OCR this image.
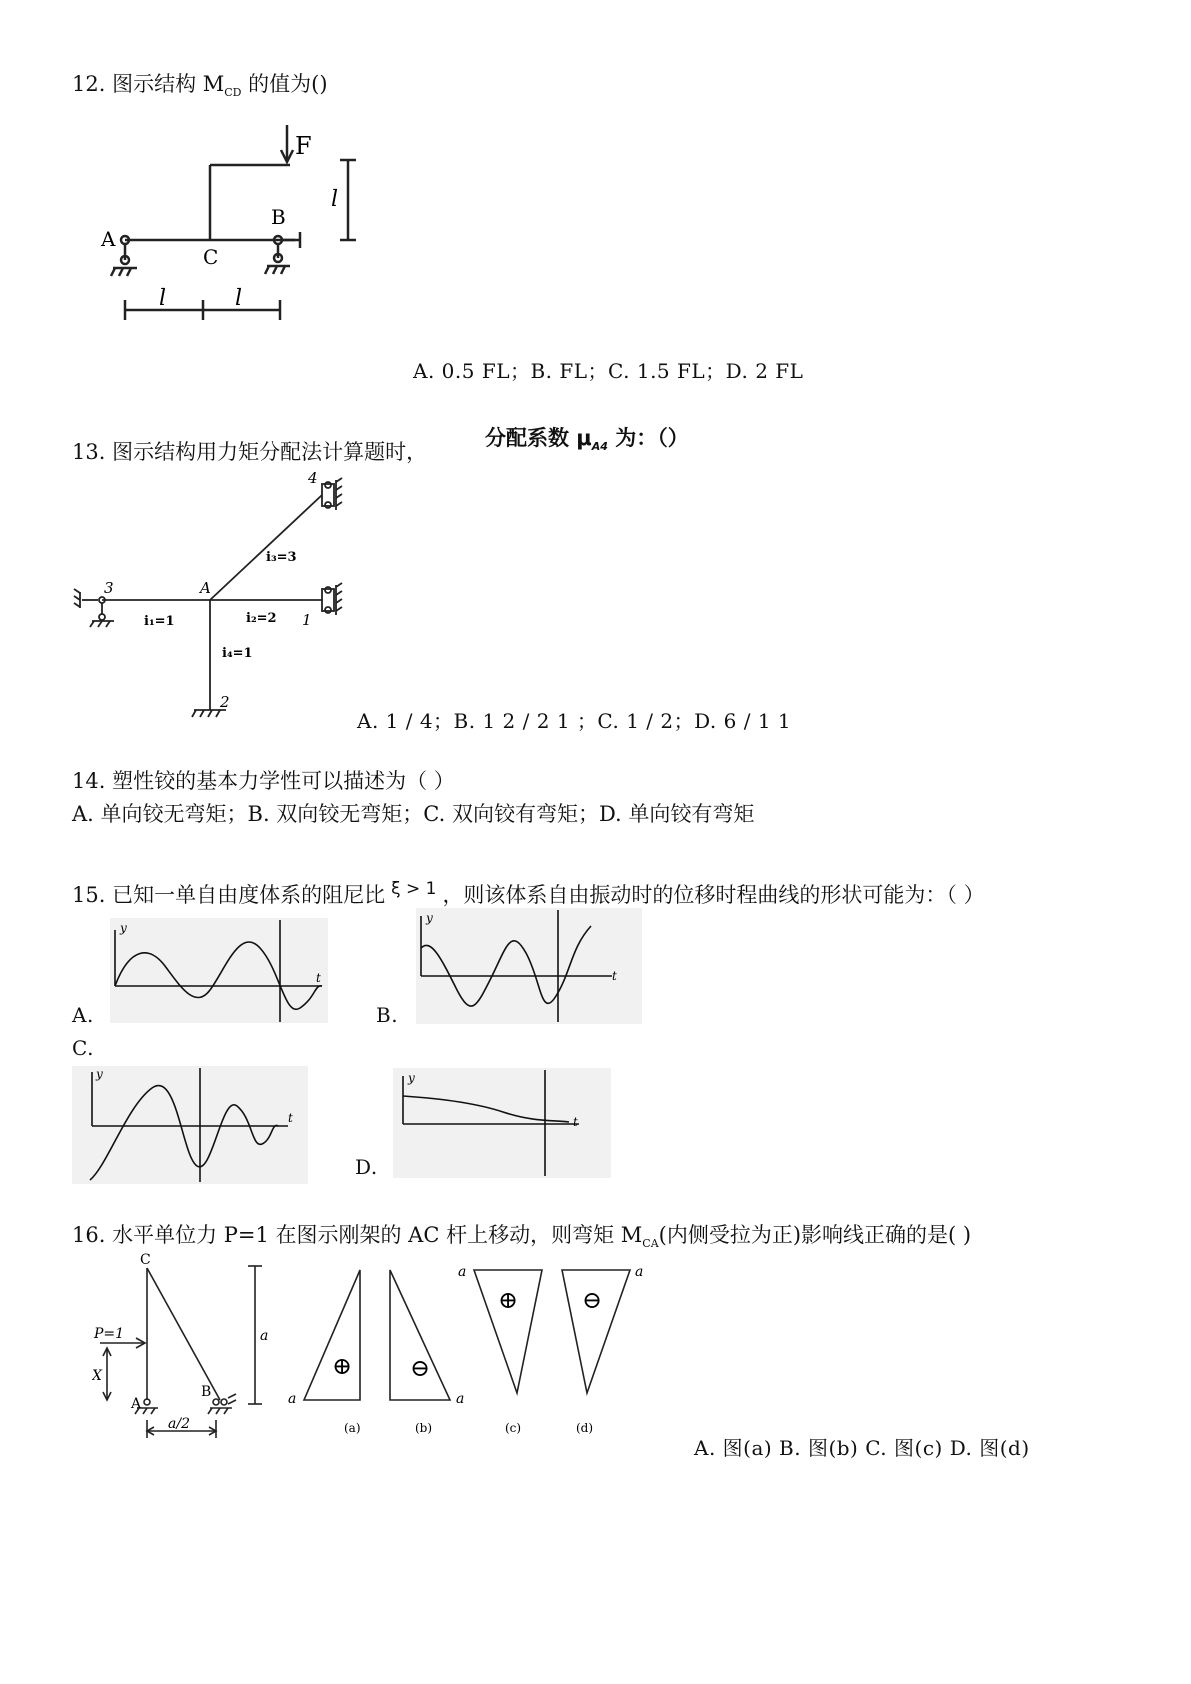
12. 图示结构 $M_{CD}$ 的值为()
A
C
B
F
l
l	l
A. 0.5 FL；B. FL；C. 1.5 FL；D. 2 FL
13. 图示结构用力矩分配法计算题时，
分配系数 $\mu_{A4}$ 为：（）
3	A
4
1
2
i₁=1	i₂=2
i₃=3
i₄=1
A. 1 / 4；B. 1 2 / 2 1 ；C. 1 / 2；D. 6 / 1 1
14. 塑性铰的基本力学性可以描述为（ ）
A. 单向铰无弯矩；B. 双向铰无弯矩；C. 双向铰有弯矩；D. 单向铰有弯矩
15. 已知一单自由度体系的阻尼比 $^{\xi > 1}$ ，则该体系自由振动时的位移时程曲线的形状可能为：（ ）
A.
y
t
B.
y
t
C.
y
t
D.
y
t
16. 水平单位力 P=1 在图示刚架的 AC 杆上移动，则弯矩 $M_{CA}$(内侧受拉为正)影响线正确的是( )
C
P=1
X
A
B
a
a/2
a	a
a	a
⊕ ⊖
⊕	⊖
(a)	(b)	(c)	(d)
A. 图(a) B. 图(b) C. 图(c) D. 图(d)
